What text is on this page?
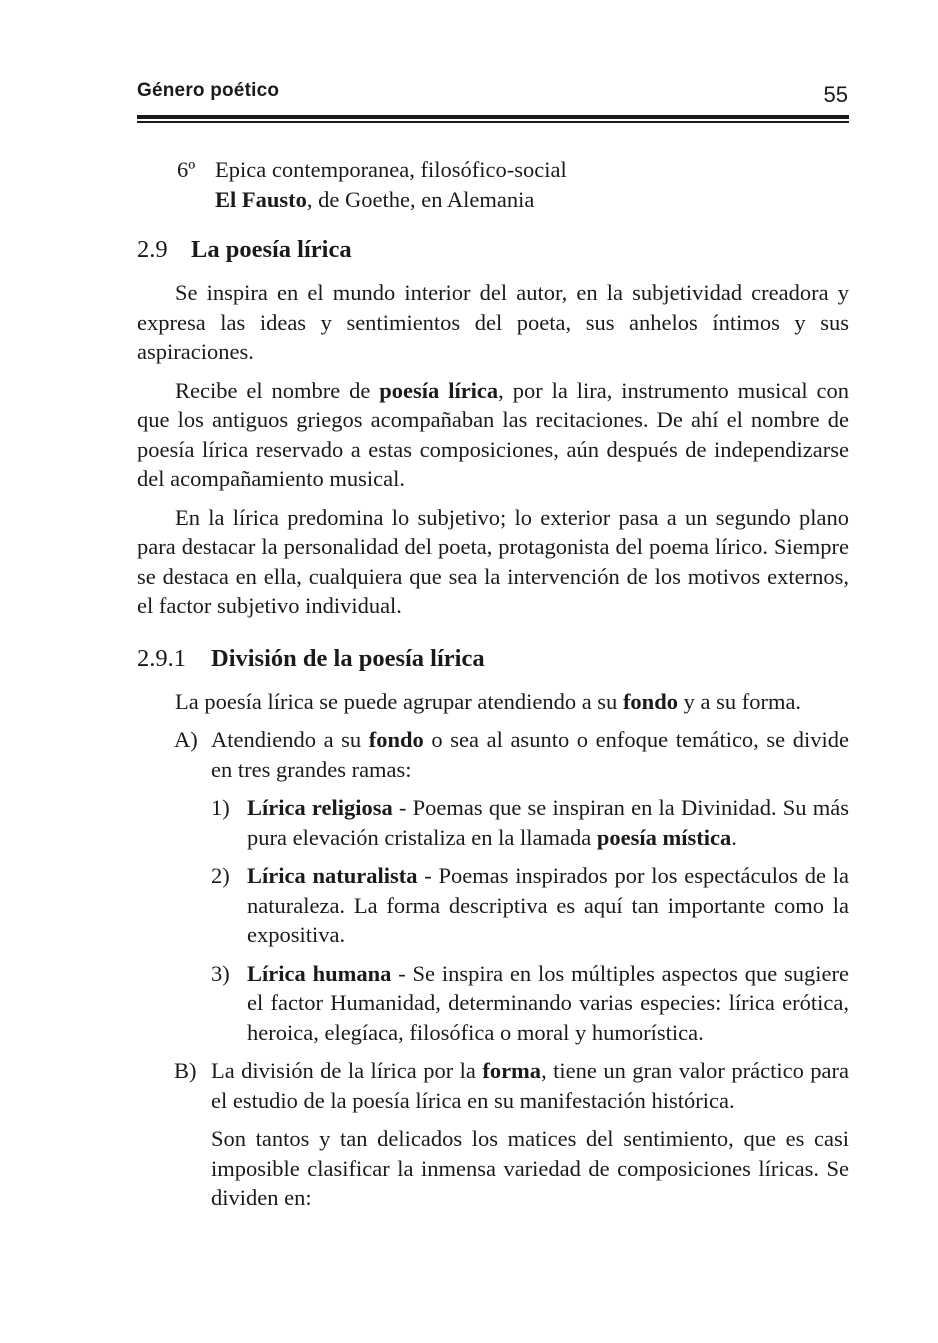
Género poético	55
6º Epica contemporanea, filosófico-social
El Fausto, de Goethe, en Alemania
2.9 La poesía lírica

Se inspira en el mundo interior del autor, en la subjetividad creadora y expresa las ideas y sentimientos del poeta, sus anhelos íntimos y sus aspiraciones.

Recibe el nombre de poesía lírica, por la lira, instrumento musical con que los antiguos griegos acompañaban las recitaciones. De ahí el nombre de poesía lírica reservado a estas composiciones, aún después de independizarse del acompañamiento musical.

En la lírica predomina lo subjetivo; lo exterior pasa a un segundo plano para destacar la personalidad del poeta, protagonista del poema lírico. Siempre se destaca en ella, cualquiera que sea la intervención de los motivos externos, el factor subjetivo individual.

2.9.1 División de la poesía lírica

La poesía lírica se puede agrupar atendiendo a su fondo y a su forma.

A) Atendiendo a su fondo o sea al asunto o enfoque temático, se divide en tres grandes ramas:

1) Lírica religiosa - Poemas que se inspiran en la Divinidad. Su más pura elevación cristaliza en la llamada poesía mística.

2) Lírica naturalista - Poemas inspirados por los espectáculos de la naturaleza. La forma descriptiva es aquí tan importante como la expositiva.

3) Lírica humana - Se inspira en los múltiples aspectos que sugiere el factor Humanidad, determinando varias especies: lírica erótica, heroica, elegíaca, filosófica o moral y humorística.

B) La división de la lírica por la forma, tiene un gran valor práctico para el estudio de la poesía lírica en su manifestación histórica.

Son tantos y tan delicados los matices del sentimiento, que es casi imposible clasificar la inmensa variedad de composiciones líricas. Se dividen en:
